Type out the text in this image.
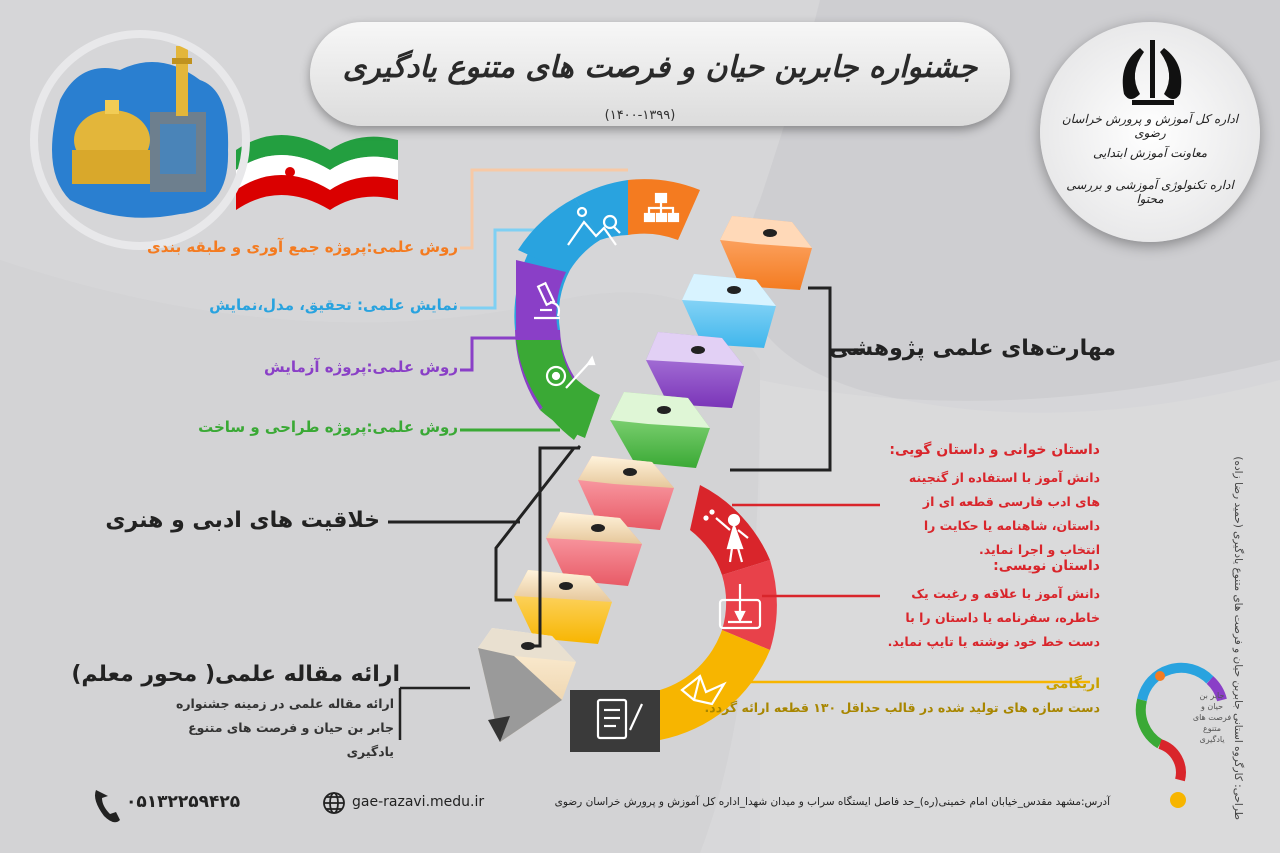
جشنواره جابربن حیان و فرصت های متنوع یادگیری
(۱۴۰۰-۱۳۹۹)	اداره کل آموزش و پرورش خراسان رضوی
معاونت آموزش ابتدایی
اداره تکنولوژی آموزشی و بررسی محتوا
روش علمی:پروژه جمع آوری و طبقه بندی
نمایش علمی: تحقیق، مدل،نمایش
روش علمی:پروژه آزمایش
روش علمی:پروژه طراحی و ساخت
مهارت‌های علمی پژوهشی
خلاقیت های ادبی و هنری
داستان خوانی و داستان گویی:
دانش آموز با استفاده از گنجینه های ادب فارسی قطعه ای از داستان، شاهنامه یا حکایت را انتخاب و اجرا نماید.
داستان نویسی:
دانش آموز با علاقه و رغبت یک خاطره، سفرنامه یا داستان را با دست خط خود نوشته یا تایپ نماید.
اریگامی
دست سازه های تولید شده در قالب حداقل ۱۳۰ قطعه ارائه گردد.
ارائه مقاله علمی( محور معلم)
ارائه مقاله علمی در زمینه جشنواره جابر بن حیان و فرصت های متنوع یادگیری
۰۵۱۳۲۲۵۹۴۲۵	gae-razavi.medu.ir	آدرس:مشهد مقدس_خیابان امام خمینی(ره)_حد فاصل ایستگاه سراب و میدان شهدا_اداره کل آموزش و پرورش خراسان رضوی
جابر بن حیان و فرصت های متنوع یادگیری طراحی: کارگروه استانی جابربن حیان و فرصت های متنوع یادگیری (حمید رضا زاده)
